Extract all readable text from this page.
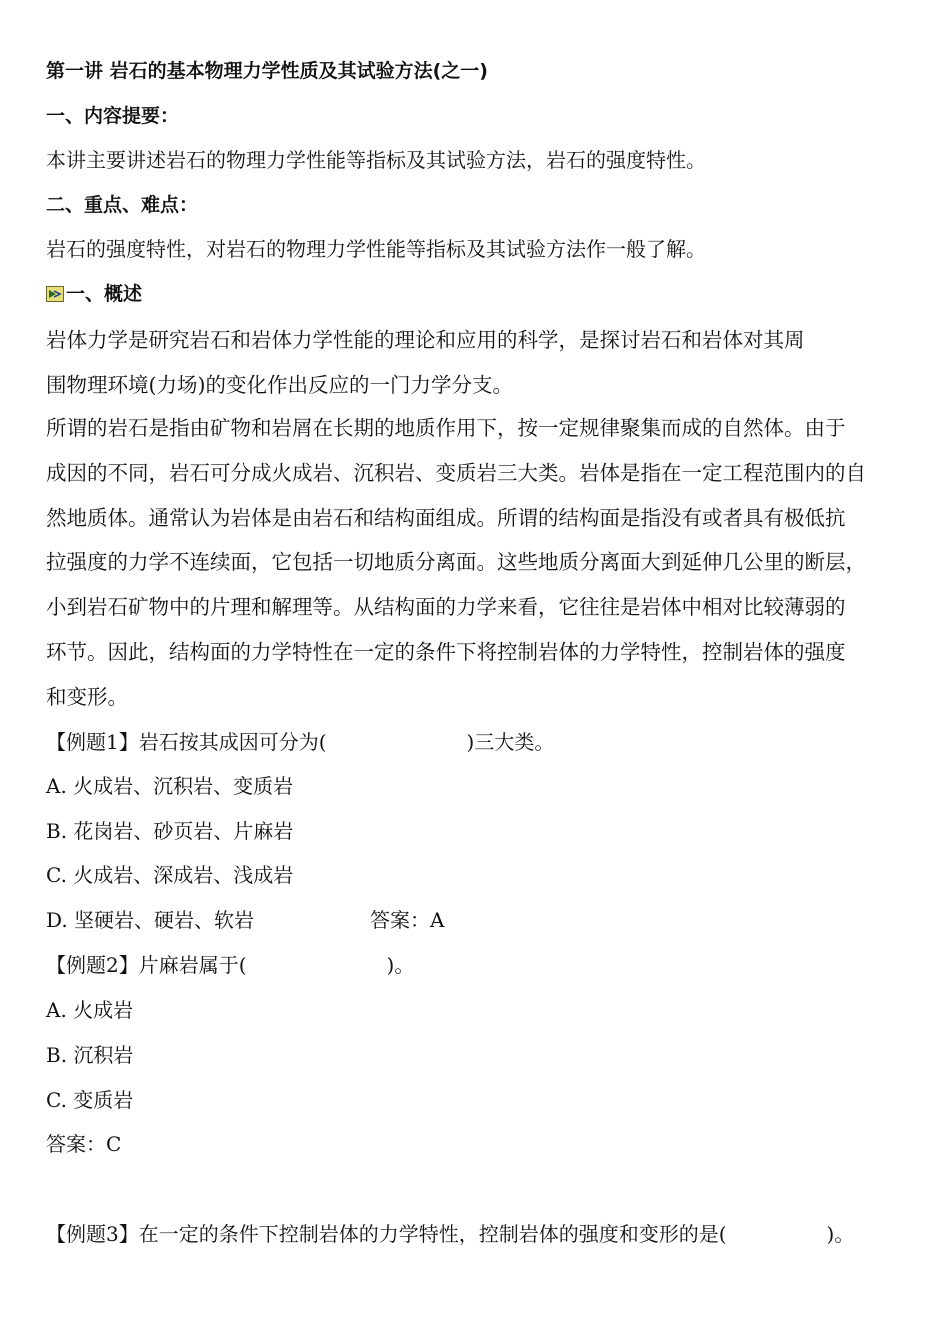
第一讲 岩石的基本物理力学性质及其试验方法(之一)
一、内容提要：
本讲主要讲述岩石的物理力学性能等指标及其试验方法，岩石的强度特性。
二、重点、难点：
岩石的强度特性，对岩石的物理力学性能等指标及其试验方法作一般了解。
一、概述
岩体力学是研究岩石和岩体力学性能的理论和应用的科学，是探讨岩石和岩体对其周
围物理环境(力场)的变化作出反应的一门力学分支。
所谓的岩石是指由矿物和岩屑在长期的地质作用下，按一定规律聚集而成的自然体。由于
成因的不同，岩石可分成火成岩、沉积岩、变质岩三大类。岩体是指在一定工程范围内的自
然地质体。通常认为岩体是由岩石和结构面组成。所谓的结构面是指没有或者具有极低抗
拉强度的力学不连续面，它包括一切地质分离面。这些地质分离面大到延伸几公里的断层，
小到岩石矿物中的片理和解理等。从结构面的力学来看，它往往是岩体中相对比较薄弱的
环节。因此，结构面的力学特性在一定的条件下将控制岩体的力学特性，控制岩体的强度
和变形。
【例题1】岩石按其成因可分为(　　　　　　　)三大类。
A. 火成岩、沉积岩、变质岩
B. 花岗岩、砂页岩、片麻岩
C. 火成岩、深成岩、浅成岩
D. 坚硬岩、硬岩、软岩	答案：A
【例题2】片麻岩属于(　　　　　　　)。
A. 火成岩
B. 沉积岩
C. 变质岩
答案：C
【例题3】在一定的条件下控制岩体的力学特性，控制岩体的强度和变形的是(　　　　　)。
